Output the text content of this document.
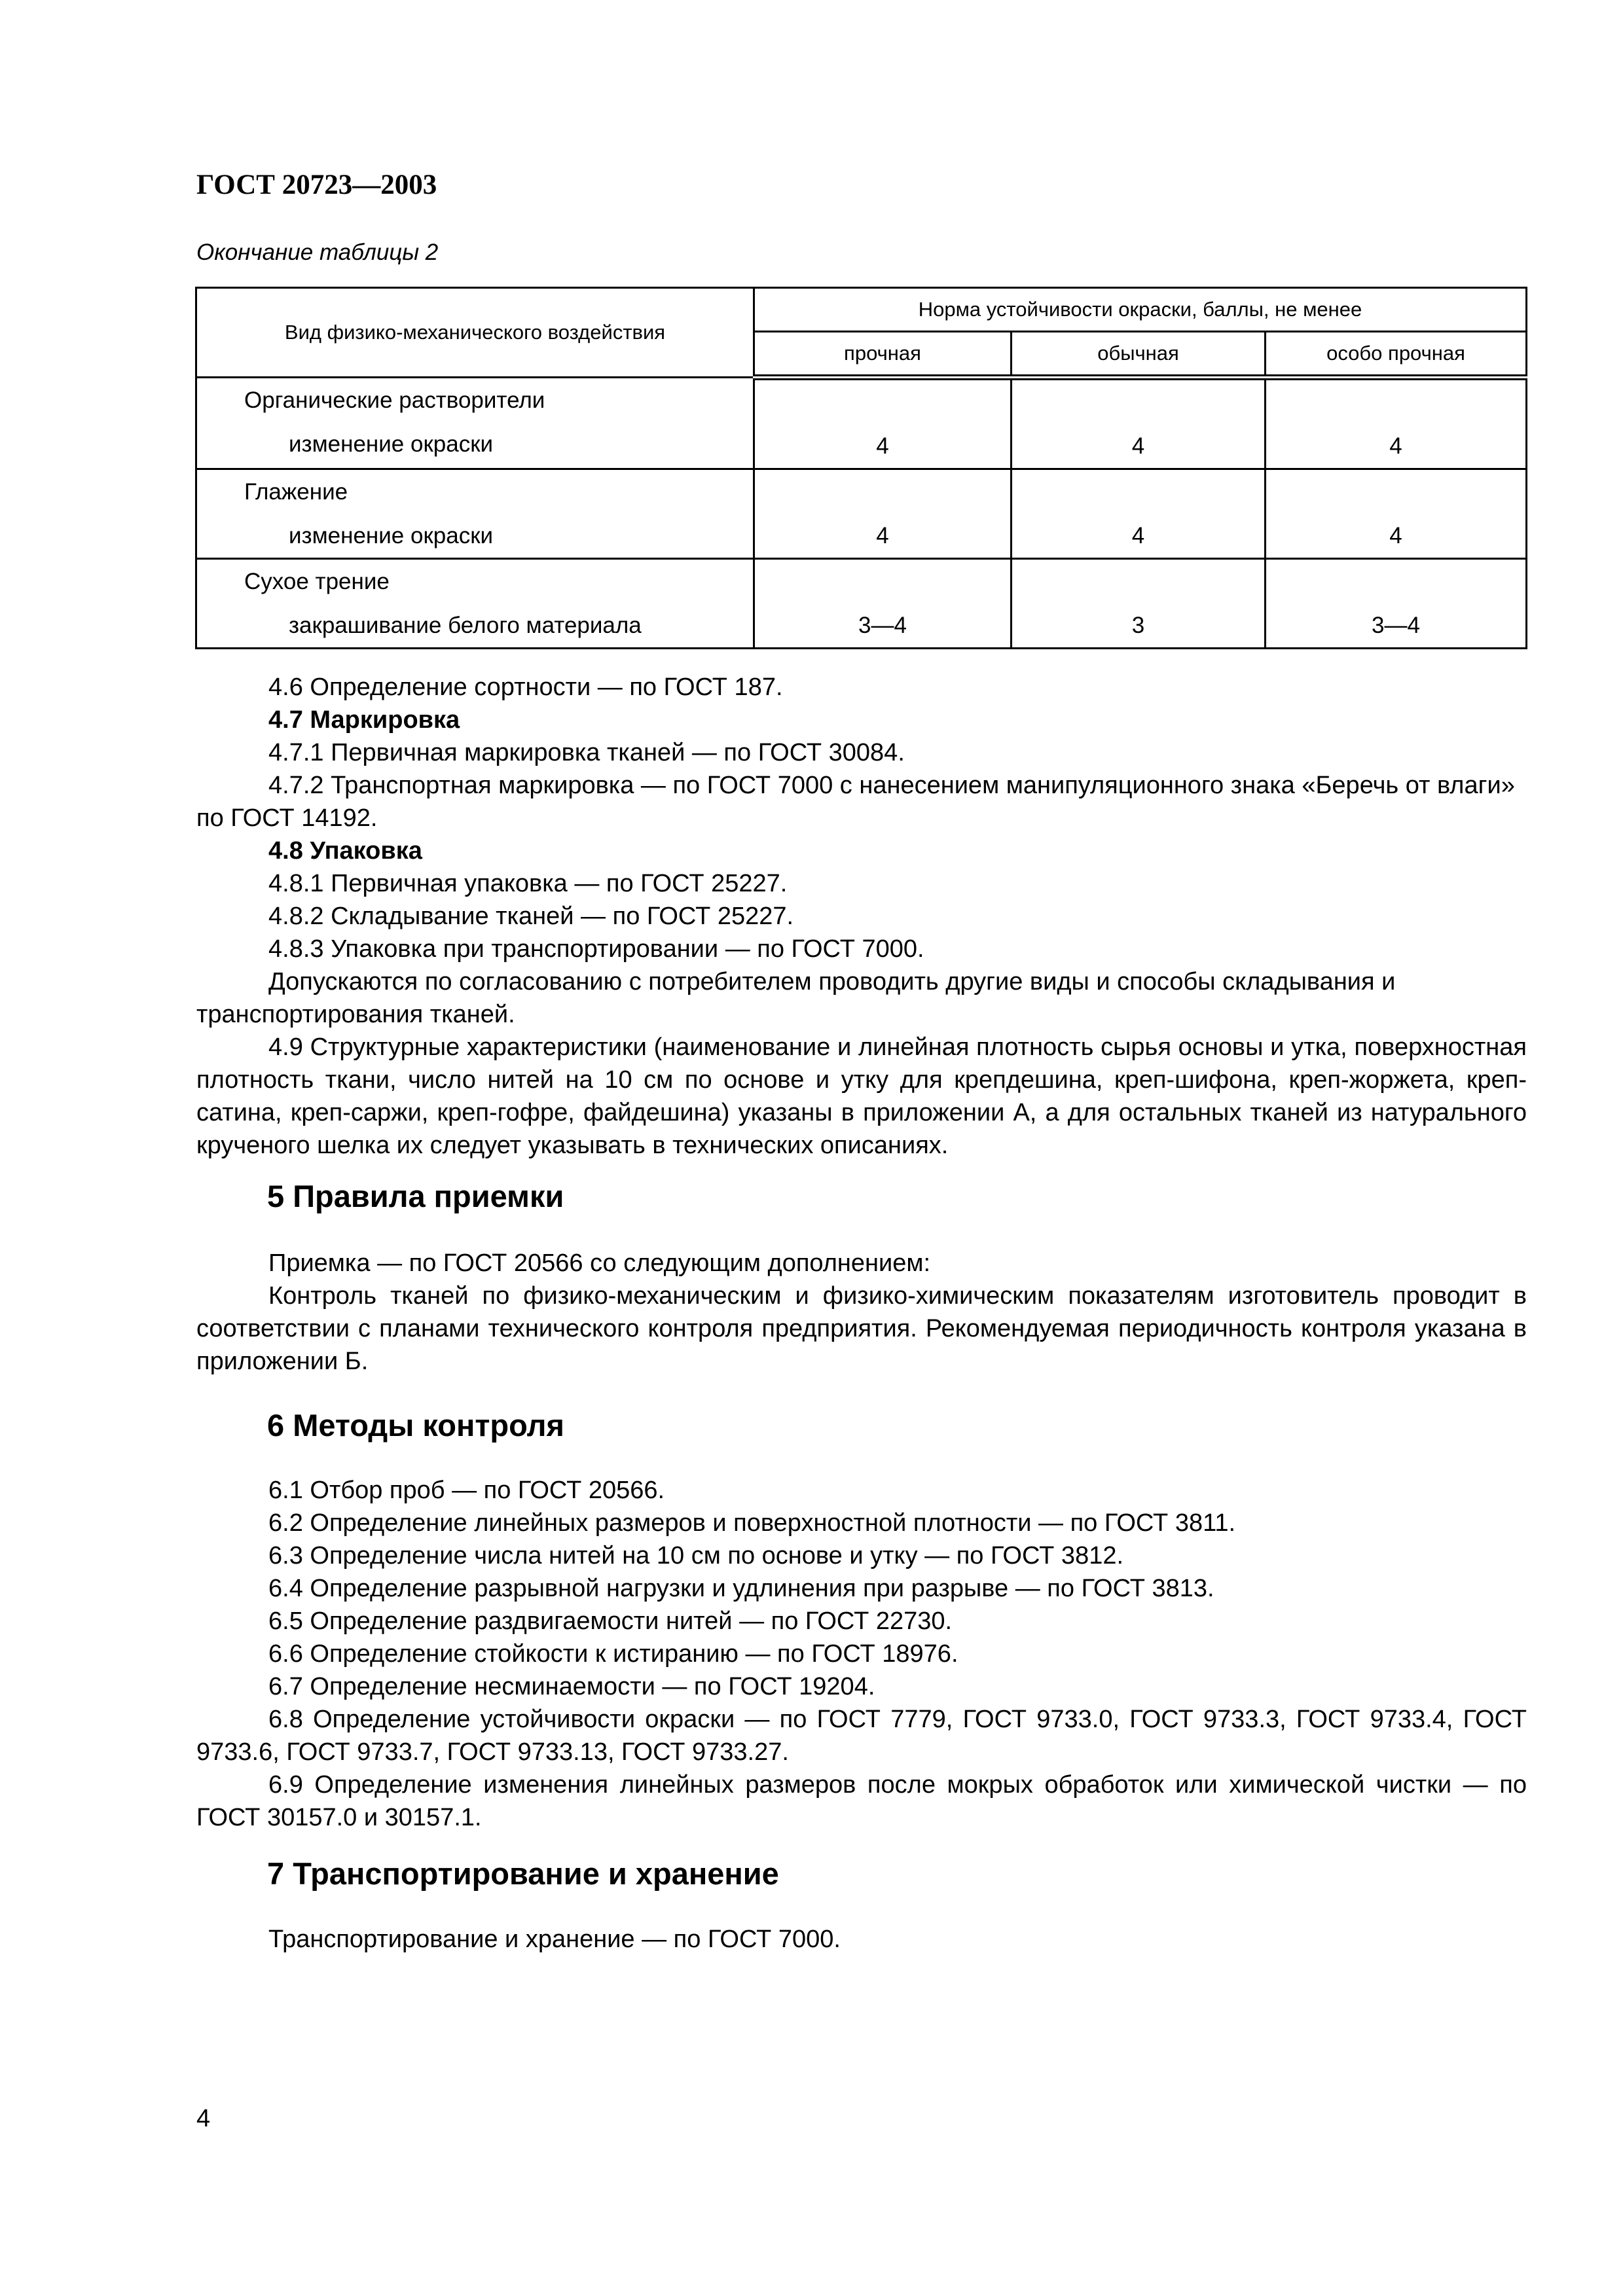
ГОСТ 20723—2003

Окончание таблицы 2

Вид физико-механического воздействия	Норма устойчивости окраски, баллы, не менее		
	прочная	обычная	особо прочная

Органические растворители
изменение окраски	4	4	4

Глажение
изменение окраски	4	4	4

Сухое трение
закрашивание белого материала	3—4	3	3—4

4.6 Определение сортности — по ГОСТ 187.

4.7 Маркировка

4.7.1 Первичная маркировка тканей — по ГОСТ 30084.

4.7.2 Транспортная маркировка — по ГОСТ 7000 с нанесением манипуляционного знака «Беречь от влаги» по ГОСТ 14192.

4.8 Упаковка

4.8.1 Первичная упаковка — по ГОСТ 25227.

4.8.2 Складывание тканей — по ГОСТ 25227.

4.8.3 Упаковка при транспортировании — по ГОСТ 7000.

Допускаются по согласованию с потребителем проводить другие виды и способы складывания и транспортирования тканей.

4.9 Структурные характеристики (наименование и линейная плотность сырья основы и утка, поверхностная плотность ткани, число нитей на 10 см по основе и утку для крепдешина, креп-шифона, креп-жоржета, креп-сатина, креп-саржи, креп-гофре, файдешина) указаны в приложении А, а для остальных тканей из натурального крученого шелка их следует указывать в технических описаниях.

5 Правила приемки

Приемка — по ГОСТ 20566 со следующим дополнением:

Контроль тканей по физико-механическим и физико-химическим показателям изготовитель проводит в соответствии с планами технического контроля предприятия. Рекомендуемая периодичность контроля указана в приложении Б.

6 Методы контроля

6.1 Отбор проб — по ГОСТ 20566.

6.2 Определение линейных размеров и поверхностной плотности — по ГОСТ 3811.

6.3 Определение числа нитей на 10 см по основе и утку — по ГОСТ 3812.

6.4 Определение разрывной нагрузки и удлинения при разрыве — по ГОСТ 3813.

6.5 Определение раздвигаемости нитей — по ГОСТ 22730.

6.6 Определение стойкости к истиранию — по ГОСТ 18976.

6.7 Определение несминаемости — по ГОСТ 19204.

6.8 Определение устойчивости окраски — по ГОСТ 7779, ГОСТ 9733.0, ГОСТ 9733.3, ГОСТ 9733.4, ГОСТ 9733.6, ГОСТ 9733.7, ГОСТ 9733.13, ГОСТ 9733.27.

6.9 Определение изменения линейных размеров после мокрых обработок или химической чистки — по ГОСТ 30157.0 и 30157.1.

7 Транспортирование и хранение

Транспортирование и хранение — по ГОСТ 7000.

4
